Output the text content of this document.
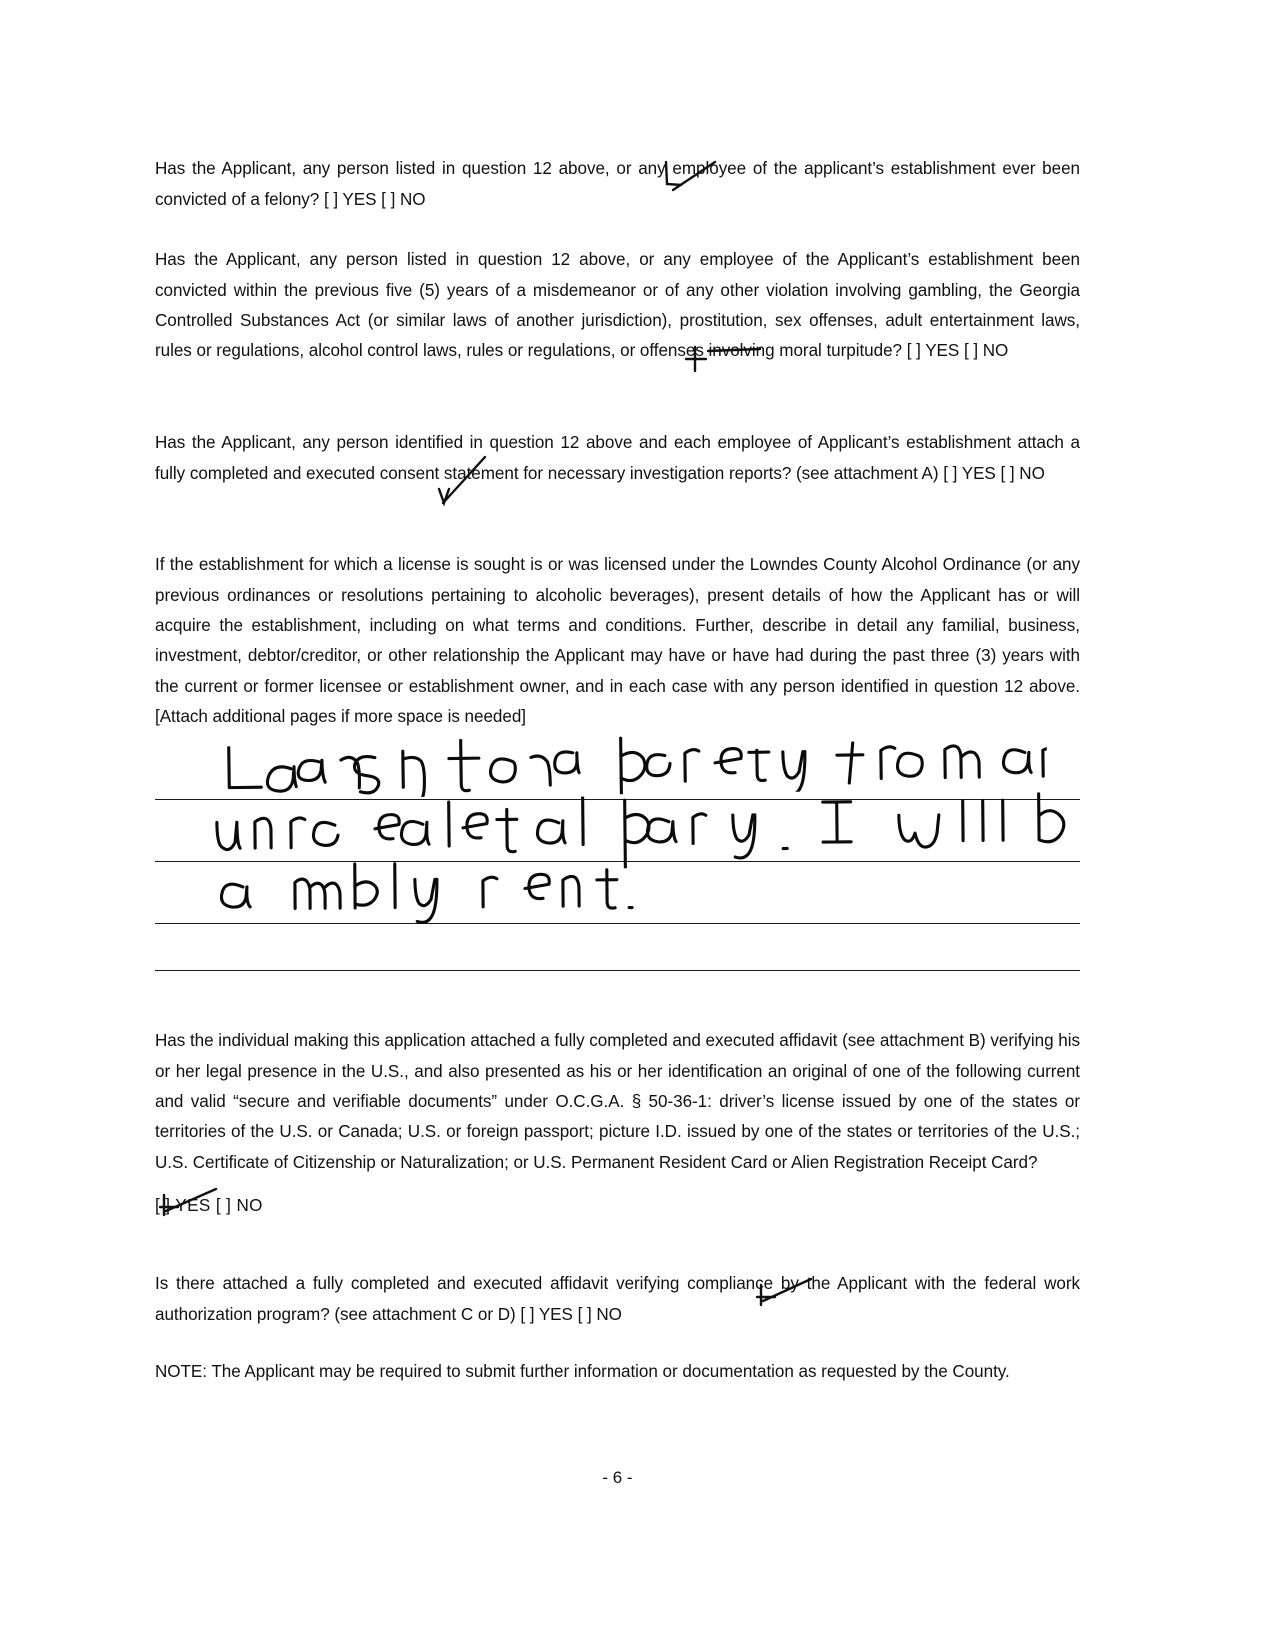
Has the Applicant, any person listed in question 12 above, or any employee of the applicant’s establishment ever been convicted of a felony? [ ] YES [ ] NO

Has the Applicant, any person listed in question 12 above, or any employee of the Applicant’s establishment been convicted within the previous five (5) years of a misdemeanor or of any other violation involving gambling, the Georgia Controlled Substances Act (or similar laws of another jurisdiction), prostitution, sex offenses, adult entertainment laws, rules or regulations, alcohol control laws, rules or regulations, or offenses involving moral turpitude? [ ] YES [ ] NO

Has the Applicant, any person identified in question 12 above and each employee of Applicant’s establishment attach a fully completed and executed consent statement for necessary investigation reports? (see attachment A) [ ] YES [ ] NO

If the establishment for which a license is sought is or was licensed under the Lowndes County Alcohol Ordinance (or any previous ordinances or resolutions pertaining to alcoholic beverages), present details of how the Applicant has or will acquire the establishment, including on what terms and conditions. Further, describe in detail any familial, business, investment, debtor/creditor, or other relationship the Applicant may have or have had during the past three (3) years with the current or former licensee or establishment owner, and in each case with any person identified in question 12 above. [Attach additional pages if more space is needed]

Has the individual making this application attached a fully completed and executed affidavit (see attachment B) verifying his or her legal presence in the U.S., and also presented as his or her identification an original of one of the following current and valid “secure and verifiable documents” under O.C.G.A. § 50-36-1: driver’s license issued by one of the states or territories of the U.S. or Canada; U.S. or foreign passport; picture I.D. issued by one of the states or territories of the U.S.; U.S. Certificate of Citizenship or Naturalization; or U.S. Permanent Resident Card or Alien Registration Receipt Card?

[ ] YES [ ] NO

Is there attached a fully completed and executed affidavit verifying compliance by the Applicant with the federal work authorization program? (see attachment C or D) [ ] YES [ ] NO

NOTE: The Applicant may be required to submit further information or documentation as requested by the County.

- 6 -
